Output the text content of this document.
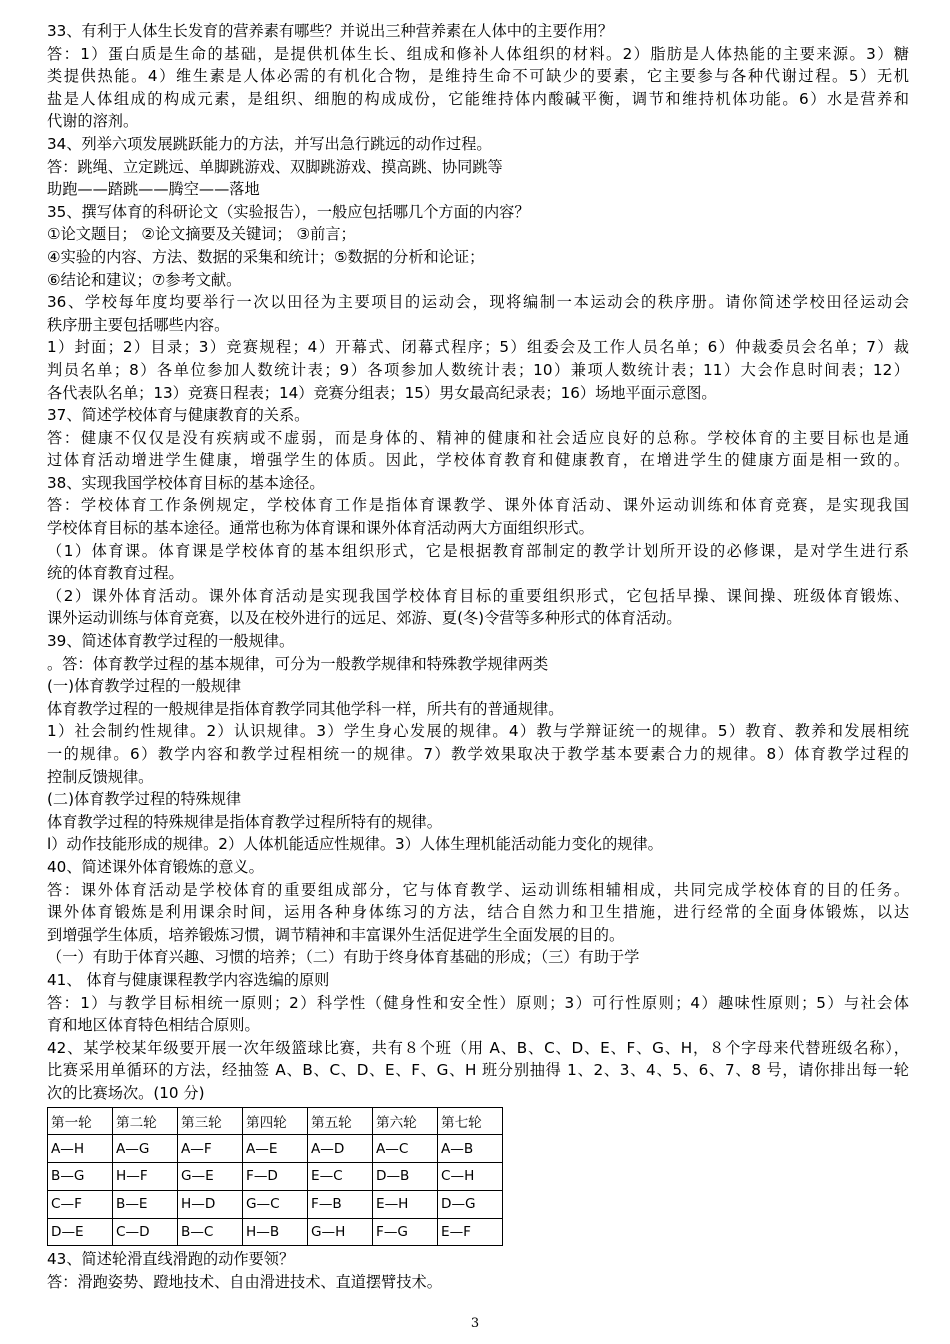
33、有利于人体生长发育的营养素有哪些？并说出三种营养素在人体中的主要作用？
答：1）蛋白质是生命的基础，是提供机体生长、组成和修补人体组织的材料。2）脂肪是人体热能的主要来源。3）糖
类提供热能。4）维生素是人体必需的有机化合物，是维持生命不可缺少的要素，它主要参与各种代谢过程。5）无机
盐是人体组成的构成元素，是组织、细胞的构成成份，它能维持体内酸碱平衡，调节和维持机体功能。6）水是营养和
代谢的溶剂。
34、列举六项发展跳跃能力的方法，并写出急行跳远的动作过程。
答：跳绳、立定跳远、单脚跳游戏、双脚跳游戏、摸高跳、协同跳等
助跑——踏跳——腾空——落地
35、撰写体育的科研论文（实验报告），一般应包括哪几个方面的内容？
①论文题目； ②论文摘要及关键词； ③前言；
④实验的内容、方法、数据的采集和统计；⑤数据的分析和论证；
⑥结论和建议；⑦参考文献。
36、学校每年度均要举行一次以田径为主要项目的运动会，现将编制一本运动会的秩序册。请你简述学校田径运动会
秩序册主要包括哪些内容。
1）封面；2）目录；3）竞赛规程；4）开幕式、闭幕式程序；5）组委会及工作人员名单；6）仲裁委员会名单；7）裁
判员名单；8）各单位参加人数统计表；9）各项参加人数统计表；10）兼项人数统计表；11）大会作息时间表；12）
各代表队名单；13）竞赛日程表；14）竞赛分组表；15）男女最高纪录表；16）场地平面示意图。
37、简述学校体育与健康教育的关系。
答：健康不仅仅是没有疾病或不虚弱，而是身体的、精神的健康和社会适应良好的总称。学校体育的主要目标也是通
过体育活动增进学生健康，增强学生的体质。因此，学校体育教育和健康教育，在增进学生的健康方面是相一致的。
38、实现我国学校体育目标的基本途径。
答：学校体育工作条例规定，学校体育工作是指体育课教学、课外体育活动、课外运动训练和体育竞赛，是实现我国
学校体育目标的基本途径。通常也称为体育课和课外体育活动两大方面组织形式。
（1）体育课。体育课是学校体育的基本组织形式，它是根据教育部制定的教学计划所开设的必修课，是对学生进行系
统的体育教育过程。
（2）课外体育活动。课外体育活动是实现我国学校体育目标的重要组织形式，它包括早操、课间操、班级体育锻炼、
课外运动训练与体育竞赛，以及在校外进行的远足、郊游、夏(冬)令营等多种形式的体育活动。
39、简述体育教学过程的一般规律。
。答：体育教学过程的基本规律，可分为一般教学规律和特殊教学规律两类
(一)体育教学过程的一般规律
体育教学过程的一般规律是指体育教学同其他学科一样，所共有的普通规律。
1）社会制约性规律。2）认识规律。3）学生身心发展的规律。4）教与学辩证统一的规律。5）教育、教养和发展相统
一的规律。6）教学内容和教学过程相统一的规律。7）教学效果取决于教学基本要素合力的规律。8）体育教学过程的
控制反馈规律。
(二)体育教学过程的特殊规律
体育教学过程的特殊规律是指体育教学过程所特有的规律。
l）动作技能形成的规律。2）人体机能适应性规律。3）人体生理机能活动能力变化的规律。
40、简述课外体育锻炼的意义。
答：课外体育活动是学校体育的重要组成部分，它与体育教学、运动训练相辅相成，共同完成学校体育的目的任务。
课外体育锻炼是利用课余时间，运用各种身体练习的方法，结合自然力和卫生措施，进行经常的全面身体锻炼，以达
到增强学生体质，培养锻炼习惯，调节精神和丰富课外生活促进学生全面发展的目的。
（一）有助于体育兴趣、习惯的培养；（二）有助于终身体育基础的形成；（三）有助于学
41、 体育与健康课程教学内容选编的原则
答：1）与教学目标相统一原则；2）科学性（健身性和安全性）原则；3）可行性原则；4）趣味性原则；5）与社会体
育和地区体育特色相结合原则。
42、某学校某年级要开展一次年级篮球比赛，共有８个班（用 A、B、C、D、E、F、G、H，８个字母来代替班级名称），
比赛采用单循环的方法，经抽签 A、B、C、D、E、F、G、H 班分别抽得 1、2、3、4、5、6、7、8 号，请你排出每一轮
次的比赛场次。(10 分)
第一轮	第二轮	第三轮	第四轮	第五轮	第六轮	第七轮
A—H	A—G	A—F	A—E	A—D	A—C	A—B
B—G	H—F	G—E	F—D	E—C	D—B	C—H
C—F	B—E	H—D	G—C	F—B	E—H	D—G
D—E	C—D	B—C	H—B	G—H	F—G	E—F
43、简述轮滑直线滑跑的动作要领？
答：滑跑姿势、蹬地技术、自由滑进技术、直道摆臂技术。
3
